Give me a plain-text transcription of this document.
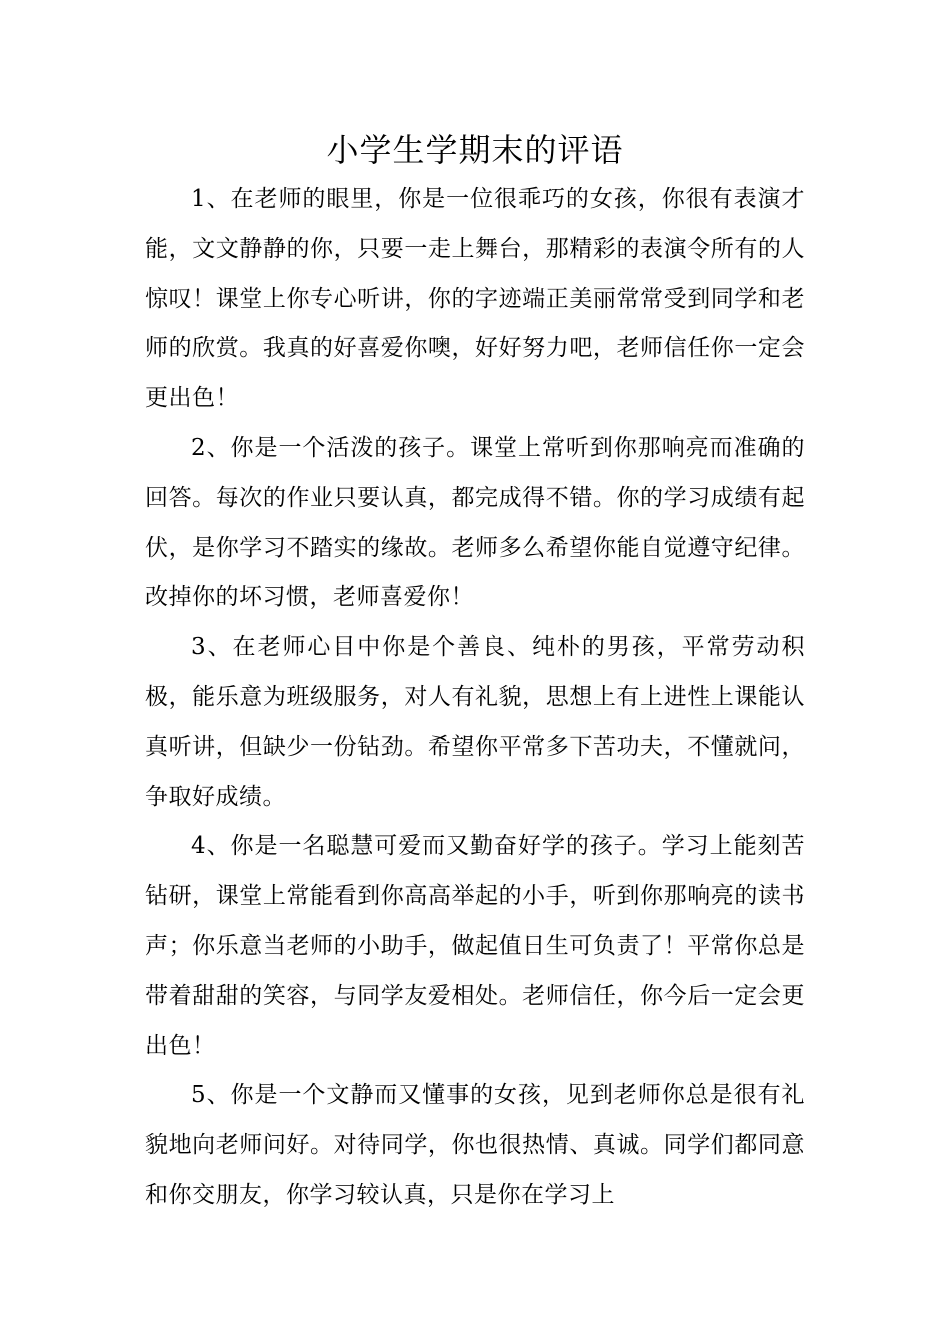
小学生学期末的评语

1、在老师的眼里，你是一位很乖巧的女孩，你很有表演才能，文文静静的你，只要一走上舞台，那精彩的表演令所有的人惊叹！课堂上你专心听讲，你的字迹端正美丽常常受到同学和老师的欣赏。我真的好喜爱你噢，好好努力吧，老师信任你一定会更出色！

2、你是一个活泼的孩子。课堂上常听到你那响亮而准确的回答。每次的作业只要认真，都完成得不错。你的学习成绩有起伏，是你学习不踏实的缘故。老师多么希望你能自觉遵守纪律。改掉你的坏习惯，老师喜爱你！

3、在老师心目中你是个善良、纯朴的男孩，平常劳动积极，能乐意为班级服务，对人有礼貌，思想上有上进性上课能认真听讲，但缺少一份钻劲。希望你平常多下苦功夫，不懂就问，争取好成绩。

4、你是一名聪慧可爱而又勤奋好学的孩子。学习上能刻苦钻研，课堂上常能看到你高高举起的小手，听到你那响亮的读书声；你乐意当老师的小助手，做起值日生可负责了！平常你总是带着甜甜的笑容，与同学友爱相处。老师信任，你今后一定会更出色！

5、你是一个文静而又懂事的女孩，见到老师你总是很有礼貌地向老师问好。对待同学，你也很热情、真诚。同学们都同意和你交朋友，你学习较认真，只是你在学习上
